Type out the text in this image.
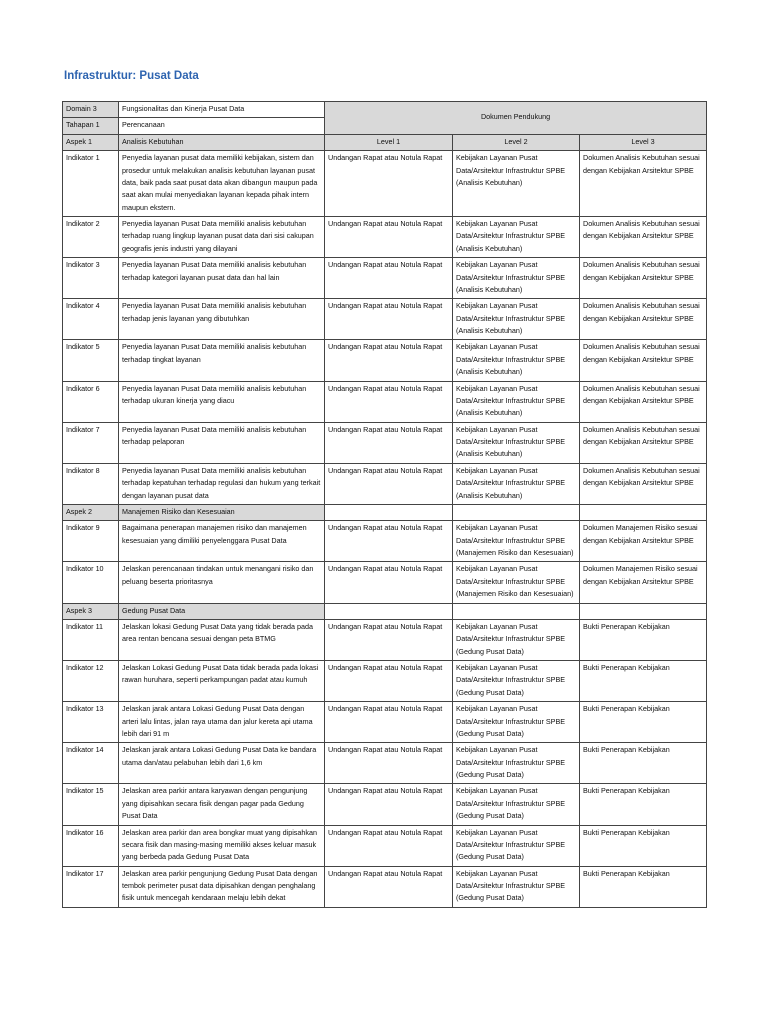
Infrastruktur: Pusat Data
Domain 3	Fungsionalitas dan Kinerja Pusat Data	Dokumen Pendukung		
Tahapan 1	Perencanaan			
Aspek 1	Analisis Kebutuhan	Level 1	Level 2	Level 3
Indikator 1	Penyedia layanan pusat data memiliki kebijakan, sistem dan prosedur untuk melakukan analisis kebutuhan layanan pusat data, baik pada saat pusat data akan dibangun maupun pada saat akan mulai menyediakan layanan kepada pihak intern maupun ekstern.	Undangan Rapat atau Notula Rapat	Kebijakan Layanan Pusat Data/Arsitektur Infrastruktur SPBE (Analisis Kebutuhan)	Dokumen Analisis Kebutuhan sesuai dengan Kebijakan Arsitektur SPBE
Indikator 2	Penyedia layanan Pusat Data memiliki analisis kebutuhan terhadap ruang lingkup layanan pusat data dari sisi cakupan geografis jenis industri yang dilayani	Undangan Rapat atau Notula Rapat	Kebijakan Layanan Pusat Data/Arsitektur Infrastruktur SPBE (Analisis Kebutuhan)	Dokumen Analisis Kebutuhan sesuai dengan Kebijakan Arsitektur SPBE
Indikator 3	Penyedia layanan Pusat Data memiliki analisis kebutuhan terhadap kategori layanan pusat data dan hal lain	Undangan Rapat atau Notula Rapat	Kebijakan Layanan Pusat Data/Arsitektur Infrastruktur SPBE (Analisis Kebutuhan)	Dokumen Analisis Kebutuhan sesuai dengan Kebijakan Arsitektur SPBE
Indikator 4	Penyedia layanan Pusat Data memiliki analisis kebutuhan terhadap jenis layanan yang dibutuhkan	Undangan Rapat atau Notula Rapat	Kebijakan Layanan Pusat Data/Arsitektur Infrastruktur SPBE (Analisis Kebutuhan)	Dokumen Analisis Kebutuhan sesuai dengan Kebijakan Arsitektur SPBE
Indikator 5	Penyedia layanan Pusat Data memiliki analisis kebutuhan terhadap tingkat layanan	Undangan Rapat atau Notula Rapat	Kebijakan Layanan Pusat Data/Arsitektur Infrastruktur SPBE (Analisis Kebutuhan)	Dokumen Analisis Kebutuhan sesuai dengan Kebijakan Arsitektur SPBE
Indikator 6	Penyedia layanan Pusat Data memiliki analisis kebutuhan terhadap ukuran kinerja yang diacu	Undangan Rapat atau Notula Rapat	Kebijakan Layanan Pusat Data/Arsitektur Infrastruktur SPBE (Analisis Kebutuhan)	Dokumen Analisis Kebutuhan sesuai dengan Kebijakan Arsitektur SPBE
Indikator 7	Penyedia layanan Pusat Data memiliki analisis kebutuhan terhadap pelaporan	Undangan Rapat atau Notula Rapat	Kebijakan Layanan Pusat Data/Arsitektur Infrastruktur SPBE (Analisis Kebutuhan)	Dokumen Analisis Kebutuhan sesuai dengan Kebijakan Arsitektur SPBE
Indikator 8	Penyedia layanan Pusat Data memiliki analisis kebutuhan terhadap kepatuhan terhadap regulasi dan hukum yang terkait dengan layanan pusat data	Undangan Rapat atau Notula Rapat	Kebijakan Layanan Pusat Data/Arsitektur Infrastruktur SPBE (Analisis Kebutuhan)	Dokumen Analisis Kebutuhan sesuai dengan Kebijakan Arsitektur SPBE
Aspek 2	Manajemen Risiko dan Kesesuaian			
Indikator 9	Bagaimana penerapan manajemen risiko dan manajemen kesesuaian yang dimiliki penyelenggara Pusat Data	Undangan Rapat atau Notula Rapat	Kebijakan Layanan Pusat Data/Arsitektur Infrastruktur SPBE (Manajemen Risiko dan Kesesuaian)	Dokumen Manajemen Risiko sesuai dengan Kebijakan Arsitektur SPBE
Indikator 10	Jelaskan perencanaan tindakan untuk menangani risiko dan peluang beserta prioritasnya	Undangan Rapat atau Notula Rapat	Kebijakan Layanan Pusat Data/Arsitektur Infrastruktur SPBE (Manajemen Risiko dan Kesesuaian)	Dokumen Manajemen Risiko sesuai dengan Kebijakan Arsitektur SPBE
Aspek 3	Gedung Pusat Data			
Indikator 11	Jelaskan lokasi Gedung Pusat Data yang tidak berada pada area rentan bencana sesuai dengan peta BTMG	Undangan Rapat atau Notula Rapat	Kebijakan Layanan Pusat Data/Arsitektur Infrastruktur SPBE (Gedung Pusat Data)	Bukti Penerapan Kebijakan
Indikator 12	Jelaskan Lokasi Gedung Pusat Data tidak berada pada lokasi rawan huruhara, seperti perkampungan padat atau kumuh	Undangan Rapat atau Notula Rapat	Kebijakan Layanan Pusat Data/Arsitektur Infrastruktur SPBE (Gedung Pusat Data)	Bukti Penerapan Kebijakan
Indikator 13	Jelaskan jarak antara Lokasi Gedung Pusat Data dengan arteri lalu lintas, jalan raya utama dan jalur kereta api utama lebih dari 91 m	Undangan Rapat atau Notula Rapat	Kebijakan Layanan Pusat Data/Arsitektur Infrastruktur SPBE (Gedung Pusat Data)	Bukti Penerapan Kebijakan
Indikator 14	Jelaskan jarak antara Lokasi Gedung Pusat Data ke bandara utama dan/atau pelabuhan lebih dari 1,6 km	Undangan Rapat atau Notula Rapat	Kebijakan Layanan Pusat Data/Arsitektur Infrastruktur SPBE (Gedung Pusat Data)	Bukti Penerapan Kebijakan
Indikator 15	Jelaskan area parkir antara karyawan dengan pengunjung yang dipisahkan secara fisik dengan pagar pada Gedung Pusat Data	Undangan Rapat atau Notula Rapat	Kebijakan Layanan Pusat Data/Arsitektur Infrastruktur SPBE (Gedung Pusat Data)	Bukti Penerapan Kebijakan
Indikator 16	Jelaskan area parkir dan area bongkar muat yang dipisahkan secara fisik dan masing-masing memiliki akses keluar masuk yang berbeda pada Gedung Pusat Data	Undangan Rapat atau Notula Rapat	Kebijakan Layanan Pusat Data/Arsitektur Infrastruktur SPBE (Gedung Pusat Data)	Bukti Penerapan Kebijakan
Indikator 17	Jelaskan area parkir pengunjung Gedung Pusat Data dengan tembok perimeter pusat data dipisahkan dengan penghalang fisik untuk mencegah kendaraan melaju lebih dekat	Undangan Rapat atau Notula Rapat	Kebijakan Layanan Pusat Data/Arsitektur Infrastruktur SPBE (Gedung Pusat Data)	Bukti Penerapan Kebijakan
